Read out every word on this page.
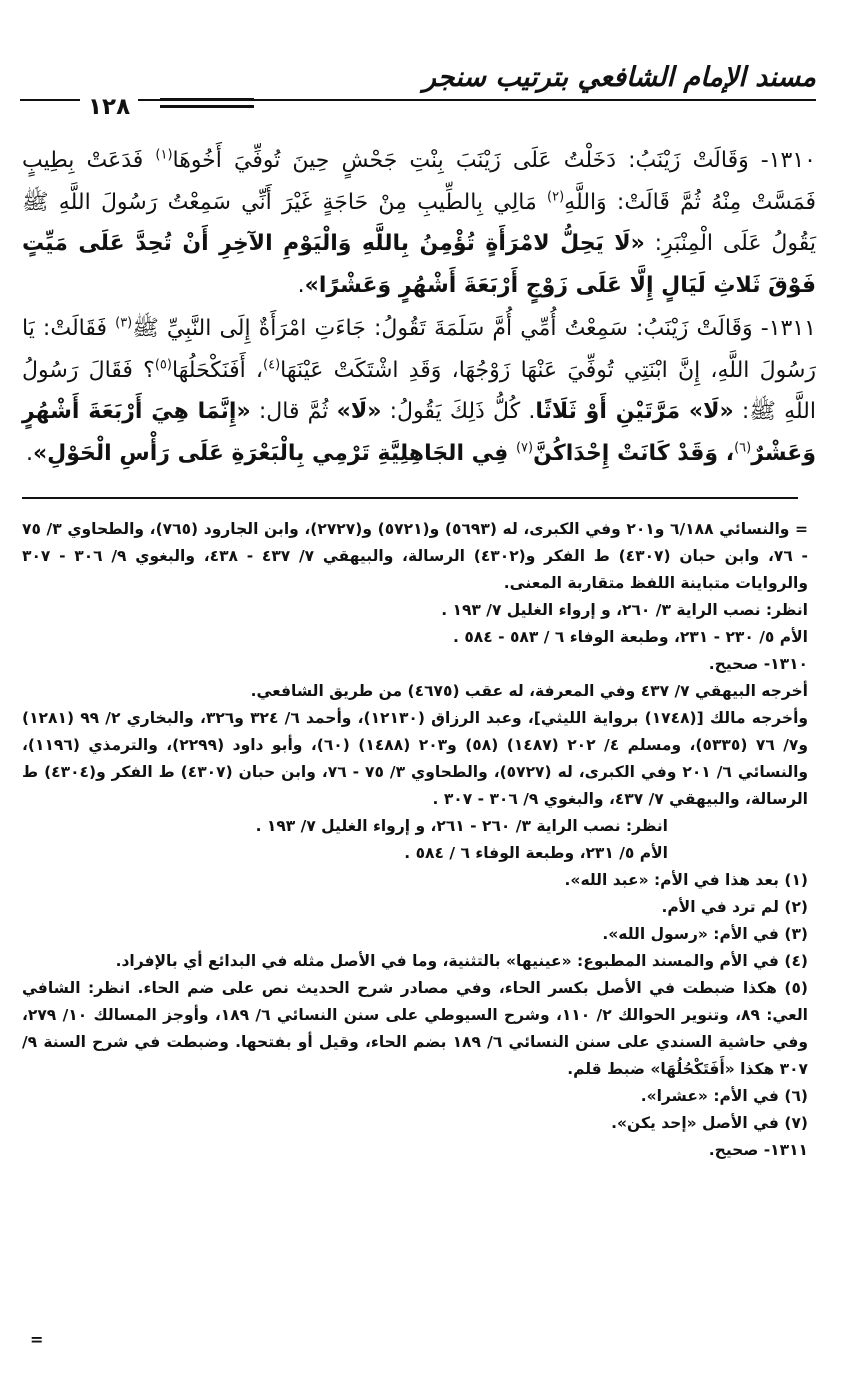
مسند الإمام الشافعي بترتيب سنجر
١٢٨

١٣١٠- وَقَالَتْ زَيْنَبُ: دَخَلْتُ عَلَى زَيْنَبَ بِنْتِ جَحْشٍ حِينَ تُوفِّيَ أَخُوهَا$^{(١)}$ فَدَعَتْ بِطِيبٍ فَمَسَّتْ مِنْهُ ثُمَّ قَالَتْ: وَاللَّهِ$^{(٢)}$ مَالِي بِالطِّيبِ مِنْ حَاجَةٍ غَيْرَ أَنِّي سَمِعْتُ رَسُولَ اللَّهِ ﷺ يَقُولُ عَلَى الْمِنْبَرِ: «لَا يَحِلُّ لامْرَأَةٍ تُؤْمِنُ بِاللَّهِ وَالْيَوْمِ الآخِرِ أَنْ تُحِدَّ عَلَى مَيِّتٍ فَوْقَ ثَلاثِ لَيَالٍ إِلَّا عَلَى زَوْجٍ أَرْبَعَةَ أَشْهُرٍ وَعَشْرًا».

١٣١١- وَقَالَتْ زَيْنَبُ: سَمِعْتُ أُمِّي أُمَّ سَلَمَةَ تَقُولُ: جَاءَتِ امْرَأَةٌ إِلَى النَّبِيِّ ﷺ$^{(٣)}$ فَقَالَتْ: يَا رَسُولَ اللَّهِ، إِنَّ ابْنَتِي تُوفِّيَ عَنْهَا زَوْجُهَا، وَقَدِ اشْتَكَتْ عَيْنَهَا$^{(٤)}$، أَفَنَكْحَلُهَا$^{(٥)}$؟ فَقَالَ رَسُولُ اللَّهِ ﷺ: «لَا» مَرَّتَيْنِ أَوْ ثَلَاثًا. كُلُّ ذَلِكَ يَقُولُ: «لَا» ثُمَّ قال: «إِنَّمَا هِيَ أَرْبَعَةَ أَشْهُرٍ وَعَشْرٌ$^{(٦)}$، وَقَدْ كَانَتْ إِحْدَاكُنَّ$^{(٧)}$ فِي الجَاهِلِيَّةِ تَرْمِي بِالْبَعْرَةِ عَلَى رَأْسِ الْحَوْلِ».

= والنسائي ٦/١٨٨ و٢٠١ وفي الكبرى، له (٥٦٩٣) و(٥٧٢١) و(٢٧٢٧)، وابن الجارود (٧٦٥)، والطحاوي ٣/ ٧٥ - ٧٦، وابن حبان (٤٣٠٧) ط الفكر و(٤٣٠٢) الرسالة، والبيهقي ٧/ ٤٣٧ - ٤٣٨، والبغوي ٩/ ٣٠٦ - ٣٠٧ والروايات متباينة اللفظ متقاربة المعنى.

انظر: نصب الراية ٣/ ٢٦٠، و إرواء الغليل ٧/ ١٩٣ .

الأم ٥/ ٢٣٠ - ٢٣١، وطبعة الوفاء ٦ / ٥٨٣ - ٥٨٤ .

١٣١٠- صحيح.

أخرجه البيهقي ٧/ ٤٣٧ وفي المعرفة، له عقب (٤٦٧٥) من طريق الشافعي.

وأخرجه مالك [(١٧٤٨) برواية الليثي]، وعبد الرزاق (١٢١٣٠)، وأحمد ٦/ ٣٢٤ و٣٢٦، والبخاري ٢/ ٩٩ (١٢٨١) و٧/ ٧٦ (٥٣٣٥)، ومسلم ٤/ ٢٠٢ (١٤٨٧) (٥٨) و٢٠٣ (١٤٨٨) (٦٠)، وأبو داود (٢٢٩٩)، والترمذي (١١٩٦)، والنسائي ٦/ ٢٠١ وفي الكبرى، له (٥٧٢٧)، والطحاوي ٣/ ٧٥ - ٧٦، وابن حبان (٤٣٠٧) ط الفكر و(٤٣٠٤) ط الرسالة، والبيهقي ٧/ ٤٣٧، والبغوي ٩/ ٣٠٦ - ٣٠٧ .

انظر: نصب الراية ٣/ ٢٦٠ - ٢٦١، و إرواء الغليل ٧/ ١٩٣ .

الأم ٥/ ٢٣١، وطبعة الوفاء ٦ / ٥٨٤ .

(١) بعد هذا في الأم: «عبد الله».

(٢) لم ترد في الأم.

(٣) في الأم: «رسول الله».

(٤) في الأم والمسند المطبوع: «عينيها» بالتثنية، وما في الأصل مثله في البدائع أي بالإفراد.

(٥) هكذا ضبطت في الأصل بكسر الحاء، وفي مصادر شرح الحديث نص على ضم الحاء. انظر: الشافي العي: ٨٩، وتنوير الحوالك ٢/ ١١٠، وشرح السيوطي على سنن النسائي ٦/ ١٨٩، وأوجز المسالك ١٠/ ٢٧٩، وفي حاشية السندي على سنن النسائي ٦/ ١٨٩ بضم الحاء، وقيل أو بفتحها. وضبطت في شرح السنة ٩/ ٣٠٧ هكذا «أَفَتَكْحُلُهَا» ضبط قلم.

(٦) في الأم: «عشرا».

(٧) في الأصل «إحد يكن».

١٣١١- صحيح.

=
